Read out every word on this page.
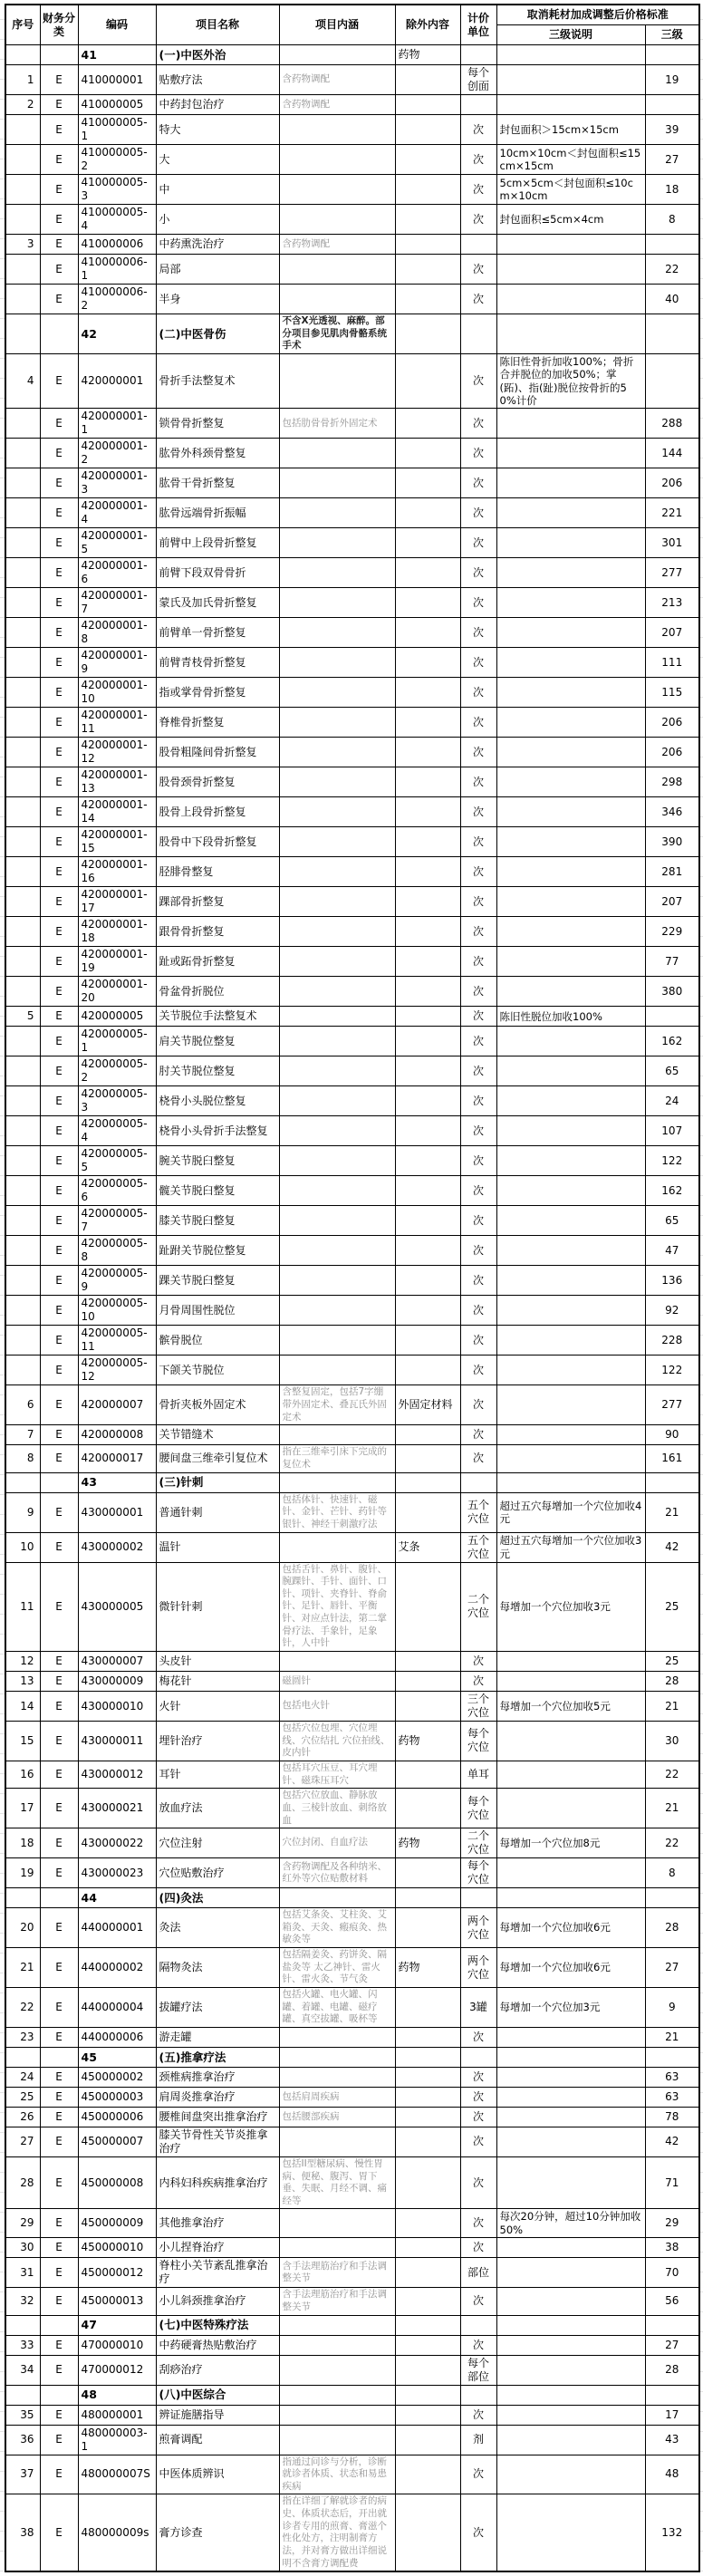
序号	财务分类	编码	项目名称	项目内涵	除外内容	计价单位	取消耗材加成调整后价格标准	
							三级说明	三级
		41	(一)中医外治		药物			
1	E	410000001	贴敷疗法	含药物调配		每个创面		19
2	E	410000005	中药封包治疗	含药物调配				
	E	410000005-1	特大			次	封包面积＞15cm×15cm	39
	E	410000005-2	大			次	10cm×10cm＜封包面积≤15cm×15cm	27
	E	410000005-3	中			次	5cm×5cm＜封包面积≤10cm×10cm	18
	E	410000005-4	小			次	封包面积≤5cm×4cm	8
3	E	410000006	中药熏洗治疗	含药物调配				
	E	410000006-1	局部			次		22
	E	410000006-2	半身			次		40
		42	(二)中医骨伤	不含X光透视、麻醉。部分项目参见肌肉骨骼系统手术				
4	E	420000001	骨折手法整复术			次	陈旧性骨折加收100%；骨折合并脱位的加收50%；掌(跖)、指(趾)脱位按骨折的50%计价	
	E	420000001-1	锁骨骨折整复	包括肋骨骨折外固定术		次		288
	E	420000001-2	肱骨外科颈骨整复			次		144
	E	420000001-3	肱骨干骨折整复			次		206
	E	420000001-4	肱骨远端骨折振幅			次		221
	E	420000001-5	前臂中上段骨折整复			次		301
	E	420000001-6	前臂下段双骨骨折			次		277
	E	420000001-7	蒙氏及加氏骨折整复			次		213
	E	420000001-8	前臂单一骨折整复			次		207
	E	420000001-9	前臂青枝骨折整复			次		111
	E	420000001-10	指或掌骨骨折整复			次		115
	E	420000001-11	脊椎骨折整复			次		206
	E	420000001-12	股骨粗隆间骨折整复			次		206
	E	420000001-13	股骨颈骨折整复			次		298
	E	420000001-14	股骨上段骨折整复			次		346
	E	420000001-15	股骨中下段骨折整复			次		390
	E	420000001-16	胫腓骨整复			次		281
	E	420000001-17	踝部骨折整复			次		207
	E	420000001-18	跟骨骨折整复			次		229
	E	420000001-19	趾或跖骨折整复			次		77
	E	420000001-20	骨盆骨折脱位			次		380
5	E	420000005	关节脱位手法整复术			次	陈旧性脱位加收100%	
	E	420000005-1	肩关节脱位整复			次		162
	E	420000005-2	肘关节脱位整复			次		65
	E	420000005-3	桡骨小头脱位整复			次		24
	E	420000005-4	桡骨小头骨折手法整复			次		107
	E	420000005-5	腕关节脱臼整复			次		122
	E	420000005-6	髋关节脱臼整复			次		162
	E	420000005-7	膝关节脱臼整复			次		65
	E	420000005-8	趾跗关节脱位整复			次		47
	E	420000005-9	踝关节脱臼整复			次		136
	E	420000005-10	月骨周围性脱位			次		92
	E	420000005-11	髌骨脱位			次		228
	E	420000005-12	下颌关节脱位			次		122
6	E	420000007	骨折夹板外固定术	含整复固定，包括7字绷带外固定术、叠瓦氏外固定术	外固定材料	次		277
7	E	420000008	关节错缝术			次		90
8	E	420000017	腰间盘三维牵引复位术	指在三维牵引床下完成的复位术		次		161
		43	(三)针刺					
9	E	430000001	普通针刺	包括体针、快速针、磁针、金针、芒针、药针等银针、神经干刺激疗法		五个穴位	超过五穴每增加一个穴位加收4元	21
10	E	430000002	温针		艾条	五个穴位	超过五穴每增加一个穴位加收3元	42
11	E	430000005	微针针刺	包括舌针、鼻针、腹针、腕踝针、手针、面针、口针、项针、夹脊针、脊俞针、足针、唇针、平衡针、对应点针法，第二掌骨疗法、手象针，足象针，人中针		二个穴位	每增加一个穴位加收3元	25
12	E	430000007	头皮针			次		25
13	E	430000009	梅花针	磁圆针		次		28
14	E	430000010	火针	包括电火针		三个穴位	每增加一个穴位加收5元	21
15	E	430000011	埋针治疗	包括穴位包埋、穴位埋线、穴位结扎 穴位拍线、皮内针	药物	每个穴位		30
16	E	430000012	耳针	包括耳穴压豆、耳穴埋针、磁珠压耳穴		单耳		22
17	E	430000021	放血疗法	包括穴位放血、静脉放血、三棱针放血、刺络放血		每个穴位		21
18	E	430000022	穴位注射	穴位封闭、自血疗法	药物	二个穴位	每增加一个穴位加8元	22
19	E	430000023	穴位贴敷治疗	含药物调配及各种纳米、红外等穴位贴敷材料		每个穴位		8
		44	(四)灸法					
20	E	440000001	灸法	包括艾条灸、艾柱灸、艾箱灸、天灸、瘢痕灸、热敏灸等		两个穴位	每增加一个穴位加收6元	28
21	E	440000002	隔物灸法	包括隔姜灸、药饼灸、隔盐灸等 太乙神针、雷火针、雷火灸、节气灸	药物	两个穴位	每增加一个穴位加收6元	27
22	E	440000004	拔罐疗法	包括火罐、电火罐、闪罐、着罐、电罐、磁疗罐、真空拔罐、吸杯等		3罐	每增加一个穴位加3元	9
23	E	440000006	游走罐			次		21
		45	(五)推拿疗法					
24	E	450000002	颈椎病推拿治疗			次		63
25	E	450000003	肩周炎推拿治疗	包括肩周疾病		次		63
26	E	450000006	腰椎间盘突出推拿治疗	包括腰部疾病		次		78
27	E	450000007	膝关节骨性关节炎推拿治疗			次		42
28	E	450000008	内科妇科疾病推拿治疗	包括II型糖尿病、慢性胃病、便秘、腹泻、胃下垂、失眠、月经不调、痛经等		次		71
29	E	450000009	其他推拿治疗			次	每次20分钟，超过10分钟加收50%	29
30	E	450000010	小儿捏脊治疗			次		38
31	E	450000012	脊柱小关节紊乱推拿治疗	含手法理筋治疗和手法调整关节		部位		70
32	E	450000013	小儿斜颈推拿治疗	含手法理筋治疗和手法调整关节		次		56
		47	(七)中医特殊疗法					
33	E	470000010	中药硬膏热贴敷治疗			次		27
34	E	470000012	刮痧治疗			每个部位		28
		48	(八)中医综合					
35	E	480000001	辨证施膳指导			次		17
36	E	480000003-1	煎膏调配			剂		43
37	E	480000007S	中医体质辨识	指通过问诊与分析，诊断就诊者体质、状态和易患疾病		次		48
38	E	480000009s	膏方诊查	指在详细了解就诊者的病史、体质状态后，开出就诊者专用的煎膏、膏滋个性化处方，注明制膏方法，并对膏方做出详细说明不含膏方调配费		次		132
